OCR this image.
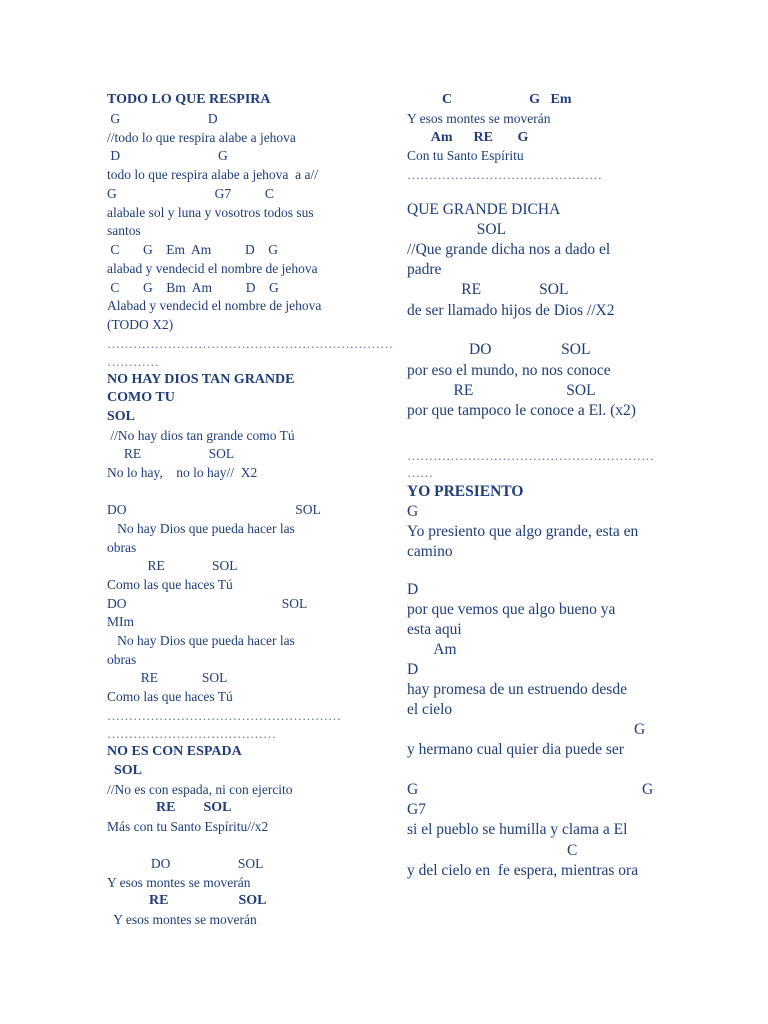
TODO LO QUE RESPIRA
G                          D
//todo lo que respira alabe a jehova
D                             G
todo lo que respira alabe a jehova  a a//
G                             G7          C
alabale sol y luna y vosotros todos sus
santos
C       G    Em  Am          D    G
alabad y vendecid el nombre de jehova
C       G    Bm  Am          D    G
Alabad y vendecid el nombre de jehova
(TODO X2)
…………………………………………………………
…………
NO HAY DIOS TAN GRANDE
COMO TU
SOL
//No hay dios tan grande como Tú
RE                    SOL
No lo hay,    no lo hay//  X2
DO                                                  SOL
No hay Dios que pueda hacer las
obras
RE              SOL
Como las que haces Tú
DO                                              SOL
MIm
No hay Dios que pueda hacer las
obras
RE             SOL
Como las que haces Tú
………………………………………………
…………………………………
NO ES CON ESPADA
SOL
//No es con espada, ni con ejercito
RE        SOL
Más con tu Santo Espíritu//x2
DO                    SOL
Y esos montes se moverán
RE                    SOL
Y esos montes se moverán
C                      G   Em
Y esos montes se moverán
Am      RE       G
Con tu Santo Espíritu
………………………………………
QUE GRANDE DICHA
SOL
//Que grande dicha nos a dado el
padre
RE               SOL
de ser llamado hijos de Dios //X2
DO                  SOL
por eso el mundo, no nos conoce
RE                        SOL
por que tampoco le conoce a El. (x2)
…………………………………………………
……
YO PRESIENTO
G
Yo presiento que algo grande, esta en
camino
D
por que vemos que algo bueno ya
esta aqui
Am
D
hay promesa de un estruendo desde
el cielo
G
y hermano cual quier dia puede ser
G	G
G7
si el pueblo se humilla y clama a El
C
y del cielo en  fe espera, mientras ora
